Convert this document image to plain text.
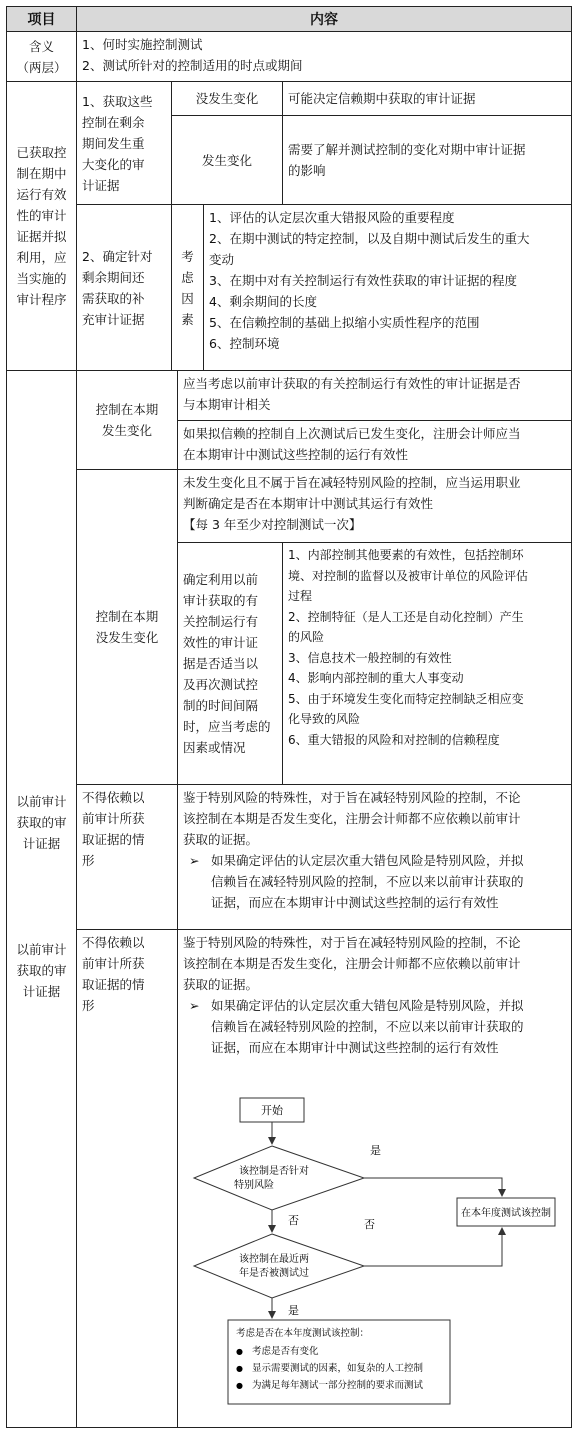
项目	内容
含义
（两层）
1、何时实施控制测试
2、测试所针对的控制适用的时点或期间
已获取控
制在期中
运行有效
性的审计
证据并拟
利用，应
当实施的
审计程序
1、获取这些
控制在剩余
期间发生重
大变化的审
计证据
没发生变化 可能决定信赖期中获取的审计证据
发生变化
需要了解并测试控制的变化对期中审计证据
的影响
2、确定针对
剩余期间还
需获取的补
充审计证据
考
虑
因
素
1、评估的认定层次重大错报风险的重要程度
2、在期中测试的特定控制，以及自期中测试后发生的重大
变动
3、在期中对有关控制运行有效性获取的审计证据的程度
4、剩余期间的长度
5、在信赖控制的基础上拟缩小实质性程序的范围
6、控制环境
以前审计
获取的审
计证据
以前审计
获取的审
计证据
控制在本期
发生变化
应当考虑以前审计获取的有关控制运行有效性的审计证据是否
与本期审计相关
如果拟信赖的控制自上次测试后已发生变化，注册会计师应当
在本期审计中测试这些控制的运行有效性
控制在本期
没发生变化
未发生变化且不属于旨在减轻特别风险的控制，应当运用职业
判断确定是否在本期审计中测试其运行有效性
【每 3 年至少对控制测试一次】
确定利用以前
审计获取的有
关控制运行有
效性的审计证
据是否适当以
及再次测试控
制的时间间隔
时，应当考虑的
因素或情况
1、内部控制其他要素的有效性，包括控制环
境、对控制的监督以及被审计单位的风险评估
过程
2、控制特征（是人工还是自动化控制）产生
的风险
3、信息技术一般控制的有效性
4、影响内部控制的重大人事变动
5、由于环境发生变化而特定控制缺乏相应变
化导致的风险
6、重大错报的风险和对控制的信赖程度
不得依赖以
前审计所获
取证据的情
形
鉴于特别风险的特殊性，对于旨在减轻特别风险的控制，不论
该控制在本期是否发生变化，注册会计师都不应依赖以前审计
获取的证据。
➢ 如果确定评估的认定层次重大错包风险是特别风险，并拟
信赖旨在减轻特别风险的控制，不应以来以前审计获取的
证据，而应在本期审计中测试这些控制的运行有效性
不得依赖以
前审计所获
取证据的情
形
鉴于特别风险的特殊性，对于旨在减轻特别风险的控制，不论
该控制在本期是否发生变化，注册会计师都不应依赖以前审计
获取的证据。
➢ 如果确定评估的认定层次重大错包风险是特别风险，并拟
信赖旨在减轻特别风险的控制，不应以来以前审计获取的
证据，而应在本期审计中测试这些控制的运行有效性
开始
该控制是否针对
特别风险
是
在本年度测试该控制
否	否
该控制在最近两
年是否被测试过
是
考虑是否在本年度测试该控制：
● 考虑是否有变化
● 显示需要测试的因素，如复杂的人工控制
● 为满足每年测试一部分控制的要求而测试
